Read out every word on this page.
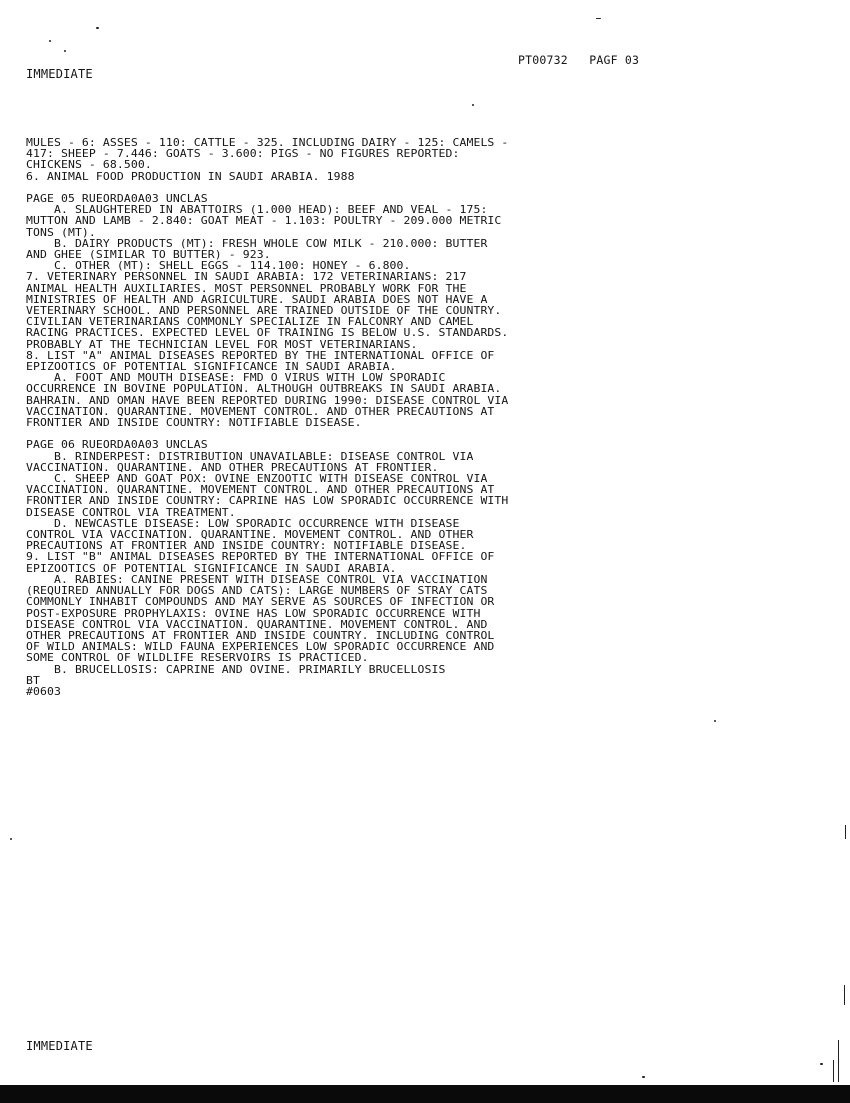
PT00732   PAGF 03
IMMEDIATE
MULES - 6: ASSES - 110: CATTLE - 325. INCLUDING DAIRY - 125: CAMELS -
417: SHEEP - 7.446: GOATS - 3.600: PIGS - NO FIGURES REPORTED:
CHICKENS - 68.500.
6. ANIMAL FOOD PRODUCTION IN SAUDI ARABIA. 1988
PAGE 05 RUEORDA0A03 UNCLAS
A. SLAUGHTERED IN ABATTOIRS (1.000 HEAD): BEEF AND VEAL - 175:
MUTTON AND LAMB - 2.840: GOAT MEAT - 1.103: POULTRY - 209.000 METRIC
TONS (MT).
B. DAIRY PRODUCTS (MT): FRESH WHOLE COW MILK - 210.000: BUTTER
AND GHEE (SIMILAR TO BUTTER) - 923.
C. OTHER (MT): SHELL EGGS - 114.100: HONEY - 6.800.
7. VETERINARY PERSONNEL IN SAUDI ARABIA: 172 VETERINARIANS: 217
ANIMAL HEALTH AUXILIARIES. MOST PERSONNEL PROBABLY WORK FOR THE
MINISTRIES OF HEALTH AND AGRICULTURE. SAUDI ARABIA DOES NOT HAVE A
VETERINARY SCHOOL. AND PERSONNEL ARE TRAINED OUTSIDE OF THE COUNTRY.
CIVILIAN VETERINARIANS COMMONLY SPECIALIZE IN FALCONRY AND CAMEL
RACING PRACTICES. EXPECTED LEVEL OF TRAINING IS BELOW U.S. STANDARDS.
PROBABLY AT THE TECHNICIAN LEVEL FOR MOST VETERINARIANS.
8. LIST "A" ANIMAL DISEASES REPORTED BY THE INTERNATIONAL OFFICE OF
EPIZOOTICS OF POTENTIAL SIGNIFICANCE IN SAUDI ARABIA.
A. FOOT AND MOUTH DISEASE: FMD O VIRUS WITH LOW SPORADIC
OCCURRENCE IN BOVINE POPULATION. ALTHOUGH OUTBREAKS IN SAUDI ARABIA.
BAHRAIN. AND OMAN HAVE BEEN REPORTED DURING 1990: DISEASE CONTROL VIA
VACCINATION. QUARANTINE. MOVEMENT CONTROL. AND OTHER PRECAUTIONS AT
FRONTIER AND INSIDE COUNTRY: NOTIFIABLE DISEASE.
PAGE 06 RUEORDA0A03 UNCLAS
B. RINDERPEST: DISTRIBUTION UNAVAILABLE: DISEASE CONTROL VIA
VACCINATION. QUARANTINE. AND OTHER PRECAUTIONS AT FRONTIER.
C. SHEEP AND GOAT POX: OVINE ENZOOTIC WITH DISEASE CONTROL VIA
VACCINATION. QUARANTINE. MOVEMENT CONTROL. AND OTHER PRECAUTIONS AT
FRONTIER AND INSIDE COUNTRY: CAPRINE HAS LOW SPORADIC OCCURRENCE WITH
DISEASE CONTROL VIA TREATMENT.
D. NEWCASTLE DISEASE: LOW SPORADIC OCCURRENCE WITH DISEASE
CONTROL VIA VACCINATION. QUARANTINE. MOVEMENT CONTROL. AND OTHER
PRECAUTIONS AT FRONTIER AND INSIDE COUNTRY: NOTIFIABLE DISEASE.
9. LIST "B" ANIMAL DISEASES REPORTED BY THE INTERNATIONAL OFFICE OF
EPIZOOTICS OF POTENTIAL SIGNIFICANCE IN SAUDI ARABIA.
A. RABIES: CANINE PRESENT WITH DISEASE CONTROL VIA VACCINATION
(REQUIRED ANNUALLY FOR DOGS AND CATS): LARGE NUMBERS OF STRAY CATS
COMMONLY INHABIT COMPOUNDS AND MAY SERVE AS SOURCES OF INFECTION OR
POST-EXPOSURE PROPHYLAXIS: OVINE HAS LOW SPORADIC OCCURRENCE WITH
DISEASE CONTROL VIA VACCINATION. QUARANTINE. MOVEMENT CONTROL. AND
OTHER PRECAUTIONS AT FRONTIER AND INSIDE COUNTRY. INCLUDING CONTROL
OF WILD ANIMALS: WILD FAUNA EXPERIENCES LOW SPORADIC OCCURRENCE AND
SOME CONTROL OF WILDLIFE RESERVOIRS IS PRACTICED.
B. BRUCELLOSIS: CAPRINE AND OVINE. PRIMARILY BRUCELLOSIS
BT
#0603
IMMEDIATE
